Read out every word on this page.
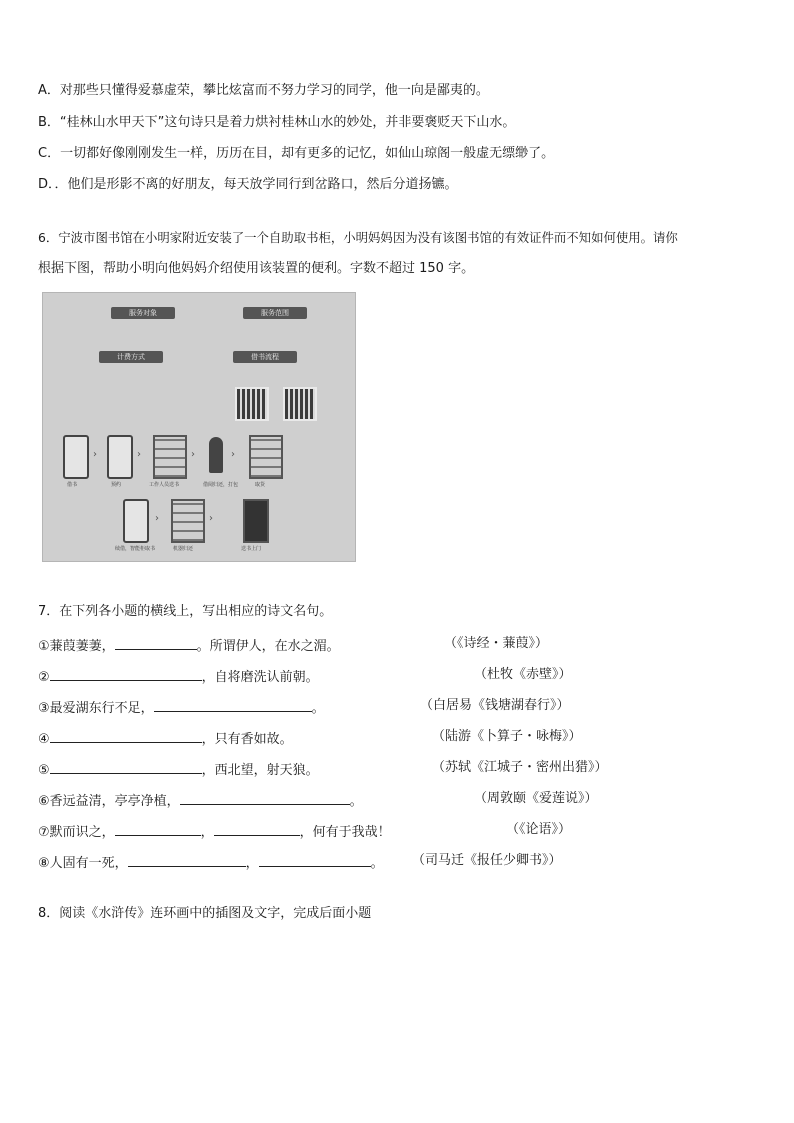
A．对那些只懂得爱慕虚荣，攀比炫富而不努力学习的同学，他一向是鄙夷的。
B．“桂林山水甲天下”这句诗只是着力烘衬桂林山水的妙处，并非要褒贬天下山水。
C．一切都好像刚刚发生一样，历历在目，却有更多的记忆，如仙山琼阁一般虚无缥缈了。
D．．他们是形影不离的好朋友，每天放学同行到岔路口，然后分道扬镳。
6．宁波市图书馆在小明家附近安装了一个自助取书柜，小明妈妈因为没有该图书馆的有效证件而不知如何使用。请你
根据下图，帮助小明向他妈妈介绍使用该装置的便利。字数不超过 150 字。
服务对象	服务范围
计费方式	借书流程
›	›	›	›
借书	预约	工作人员送书	借阅归还，打包	取货
›	›
续借，智能柜取书	机器归还	送书上门
7．在下列各小题的横线上，写出相应的诗文名句。
①蒹葭萋萋，	。所谓伊人，在水之湄。	（《诗经・蒹葭》）
②	，自将磨洗认前朝。	（杜牧《赤壁》）
③最爱湖东行不足，	。	（白居易《钱塘湖春行》）
④	，只有香如故。	（陆游《卜算子・咏梅》）
⑤	，西北望，射天狼。	（苏轼《江城子・密州出猎》）
⑥香远益清，亭亭净植，	。	（周敦颐《爱莲说》）
⑦默而识之，	，	，何有于我哉！	（《论语》）
⑧人固有一死，	，	。 （司马迁《报任少卿书》）
8．阅读《水浒传》连环画中的插图及文字，完成后面小题
